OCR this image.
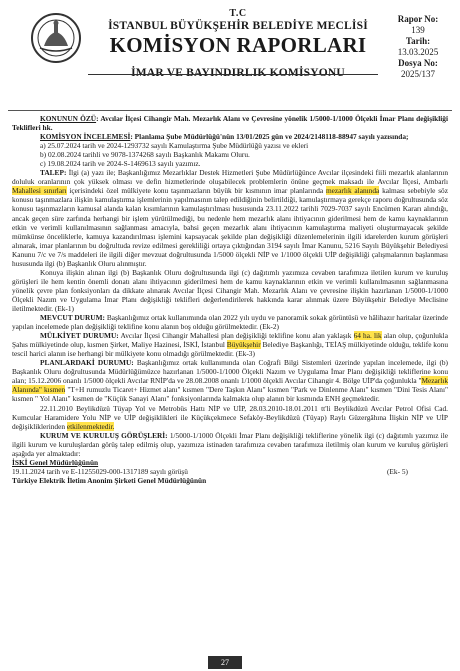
T.C
İSTANBUL BÜYÜKŞEHİR BELEDİYE MECLİSİ
KOMİSYON RAPORLARI
İMAR VE BAYINDIRLIK KOMİSYONU
Rapor No:
139
Tarih:
13.03.2025
Dosya No:
2025/137

KONUNUN ÖZÜ: Avcılar İlçesi Cihangir Mah. Mezarlık Alanı ve Çevresine yönelik 1/5000-1/1000 Ölçekli İmar Planı değişikliği Teklifleri hk.

KOMİSYON İNCELEMESİ: Planlama Şube Müdürlüğü'nün 13/01/2025 gün ve 2024/2148118-88947 sayılı yazısında;

a) 25.07.2024 tarih ve 2024-1293732 sayılı Kamulaştırma Şube Müdürlüğü yazısı ve ekleri

b) 02.08.2024 tarihli ve 9078-1374268 sayılı Başkanlık Makamı Oluru.

c) 19.08.2024 tarih ve 2024-S-1469613 sayılı yazımız.

TALEP: İlgi (a) yazı ile; Başkanlığımız Mezarlıklar Destek Hizmetleri Şube Müdürlüğünce Avcılar ilçesindeki fiili mezarlık alanlarının doluluk oranlarının çok yüksek olması ve defin hizmetlerinde oluşabilecek problemlerin önüne geçmek maksadı ile Avcılar İlçesi, Ambarlı Mahallesi sınırları içerisindeki özel mülkiyete konu taşınmazların büyük bir kısmının imar planlarında mezarlık alanında kalması sebebiyle söz konusu taşınmazlara ilişkin kamulaştırma işlemlerinin yapılmasının talep edildiğinin belirtildiği, kamulaştırmaya gerekçe raporu doğrultusunda söz konusu taşınmazların kamusal alanda kalan kısımlarının kamulaştırılması hususunda 23.11.2022 tarihli 7029-7037 sayılı Encümen Kararı alındığı, ancak geçen süre zarfında herhangi bir işlem yürütülmediği, bu nedenle hem mezarlık alanı ihtiyacının giderilmesi hem de kamu kaynaklarının etkin ve verimli kullanılmasının sağlanması amacıyla, bahsi geçen mezarlık alanı ihtiyacının kamulaştırma maliyeti oluşturmayacak şekilde mümkünse önceliklerle, kamuya kazandırılması işlemini kapsayacak şekilde plan değişikliği düzenlemelerinin ilgili idarelerden kurum görüşleri alınarak, imar planlarının bu doğrultuda revize edilmesi gerekliliği ortaya çıktığından 3194 sayılı İmar Kanunu, 5216 Sayılı Büyükşehir Belediyesi Kanunu 7/c ve 7/s maddeleri ile ilgili diğer mevzuat doğrultusunda 1/5000 ölçekli NİP ve 1/1000 ölçekli UİP değişikliği çalışmalarının başlanması hususunda ilgi (b) Başkanlık Oluru alınmıştır.

Konuya ilişkin alınan ilgi (b) Başkanlık Oluru doğrultusunda ilgi (c) dağıtımlı yazımıza cevaben tarafımıza iletilen kurum ve kuruluş görüşleri ile hem kentin önemli donatı alanı ihtiyacının giderilmesi hem de kamu kaynaklarının etkin ve verimli kullanılmasının sağlanmasına yönelik çevre plan fonksiyonları da dikkate alınarak Avcılar İlçesi Cihangir Mah. Mezarlık Alanı ve çevresine ilişkin hazırlanan 1/5000-1/1000 Ölçekli Nazım ve Uygulama İmar Planı değişikliği teklifleri değerlendirilerek hakkında karar alınmak üzere Büyükşehir Belediye Meclisine iletilmektedir. (Ek-1)

MEVCUT DURUM: Başkanlığımız ortak kullanımında olan 2022 yılı uydu ve panoramik sokak görüntüsü ve hâlihazır haritalar üzerinde yapılan incelemede plan değişikliği teklifine konu alanın boş olduğu görülmektedir. (Ek-2)

MÜLKİYET DURUMU: Avcılar İlçesi Cihangir Mahallesi plan değişikliği teklifine konu alan yaklaşık 64 ha. lik alan olup, çoğunlukla Şahıs mülkiyetinde olup, kısmen Şirket, Maliye Hazinesi, İSKİ, İstanbul Büyükşehir Belediye Başkanlığı, TEİAŞ mülkiyetinde olduğu, teklife konu tescil harici alanın ise herhangi bir mülkiyete konu olmadığı görülmektedir. (Ek-3)

PLANLARDAKİ DURUMU: Başkanlığımız ortak kullanımında olan Coğrafi Bilgi Sistemleri üzerinde yapılan incelemede, ilgi (b) Başkanlık Oluru doğrultusunda Müdürlüğümüzce hazırlanan 1/5000-1/1000 Ölçekli Nazım ve Uygulama İmar Planı değişikliği tekliflerine konu alan; 15.12.2006 onanlı 1/5000 ölçekli Avcılar RNİP'da ve 28.08.2008 onanlı 1/1000 ölçekli Avcılar Cihangir 4. Bölge UİP'da çoğunlukla "Mezarlık Alanında" kısmen "T+H rumuzlu Ticaret+ Hizmet alanı" kısmen "Dere Taşkın Alanı" kısmen "Park ve Dinlenme Alanı" kısmen "Dini Tesis Alanı" kısmen " Yol Alanı" kısmen de "Küçük Sanayi Alanı" fonksiyonlarında kalmakta olup alanın bir kısmında ENH geçmektedir.

22.11.2010 Beylikdüzü Tüyap Yol ve Metrobüs Hattı NİP ve UİP, 28.03.2010-18.01.2011 tt'li Beylikdüzü Avcılar Petrol Ofisi Cad. Kumcular Haramidere Yolu NİP ve UİP değişiklikleri ile Küçükçekmece Sefaköy-Beylikdüzü (Tüyap) Raylı Güzergâhına İlişkin NİP ve UİP değişikliklerinden etkilenmektedir.

KURUM VE KURULUŞ GÖRÜŞLERİ: 1/5000-1/1000 Ölçekli İmar Planı değişikliği tekliflerine yönelik ilgi (c) dağıtımlı yazımız ile ilgili kurum ve kuruluşlardan görüş talep edilmiş olup, yazımıza istinaden tarafımıza cevaben tarafımıza iletilmiş olan kurum ve kuruluş görüşleri aşağıda yer almaktadır:

İSKİ Genel Müdürlüğünün

19.11.2024 tarih ve E-11255029-000-1317189 sayılı görüşü	(Ek- 5)

Türkiye Elektrik İletim Anonim Şirketi Genel Müdürlüğünün

27
